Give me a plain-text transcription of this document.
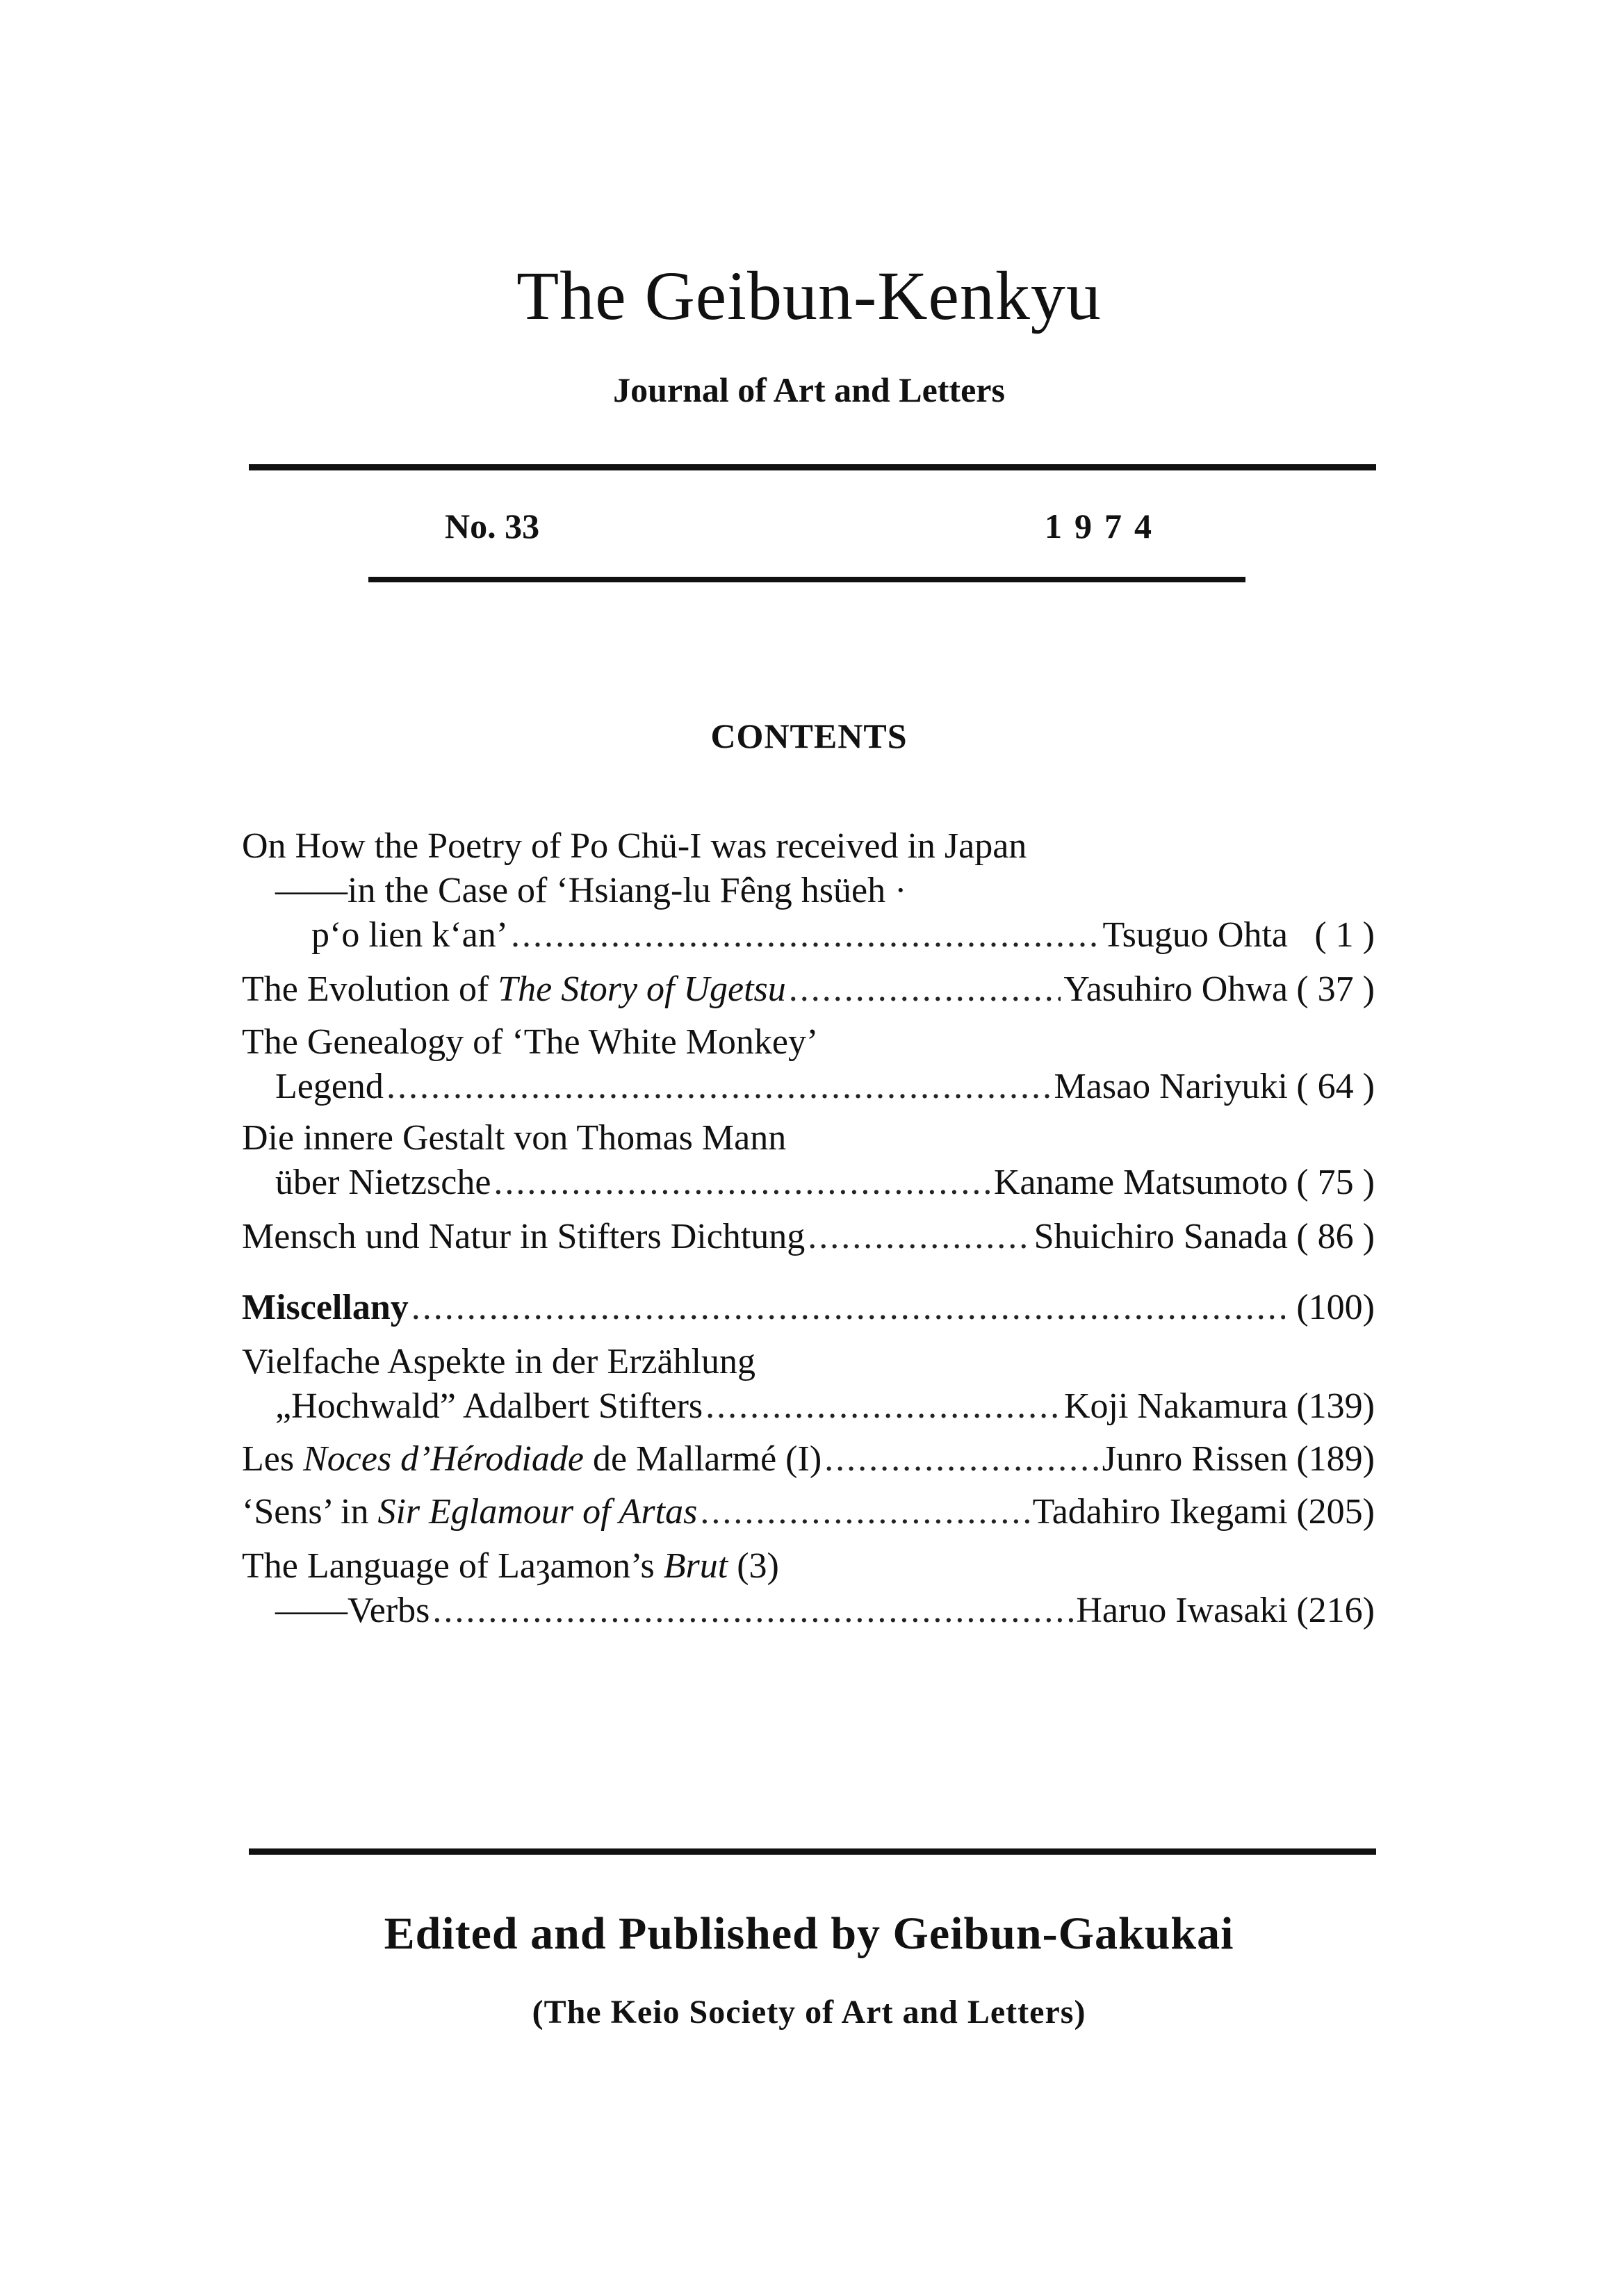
The Geibun-Kenkyu
Journal of Art and Letters
No. 33	1974
CONTENTS
On How the Poetry of Po Chü-I was received in Japan
——in the Case of ‘Hsiang-lu Fêng hsüeh ·
p‘o lien k‘an’ .....	Tsuguo Ohta ( 1 )
The Evolution of The Story of Ugetsu .....	Yasuhiro Ohwa ( 37 )
The Genealogy of ‘The White Monkey’
Legend .....	Masao Nariyuki ( 64 )
Die innere Gestalt von Thomas Mann
über Nietzsche .....	Kaname Matsumoto ( 75 )
Mensch und Natur in Stifters Dichtung .....	Shuichiro Sanada ( 86 )
Miscellany .....	(100)
Vielfache Aspekte in der Erzählung
„Hochwald” Adalbert Stifters .....	Koji Nakamura (139)
Les Noces d’Hérodiade de Mallarmé (I) .....	Junro Rissen (189)
‘Sens’ in Sir Eglamour of Artas .....	Tadahiro Ikegami (205)
The Language of Laȝamon’s Brut (3)
——Verbs .....	Haruo Iwasaki (216)
Edited and Published by Geibun-Gakukai
(The Keio Society of Art and Letters)
